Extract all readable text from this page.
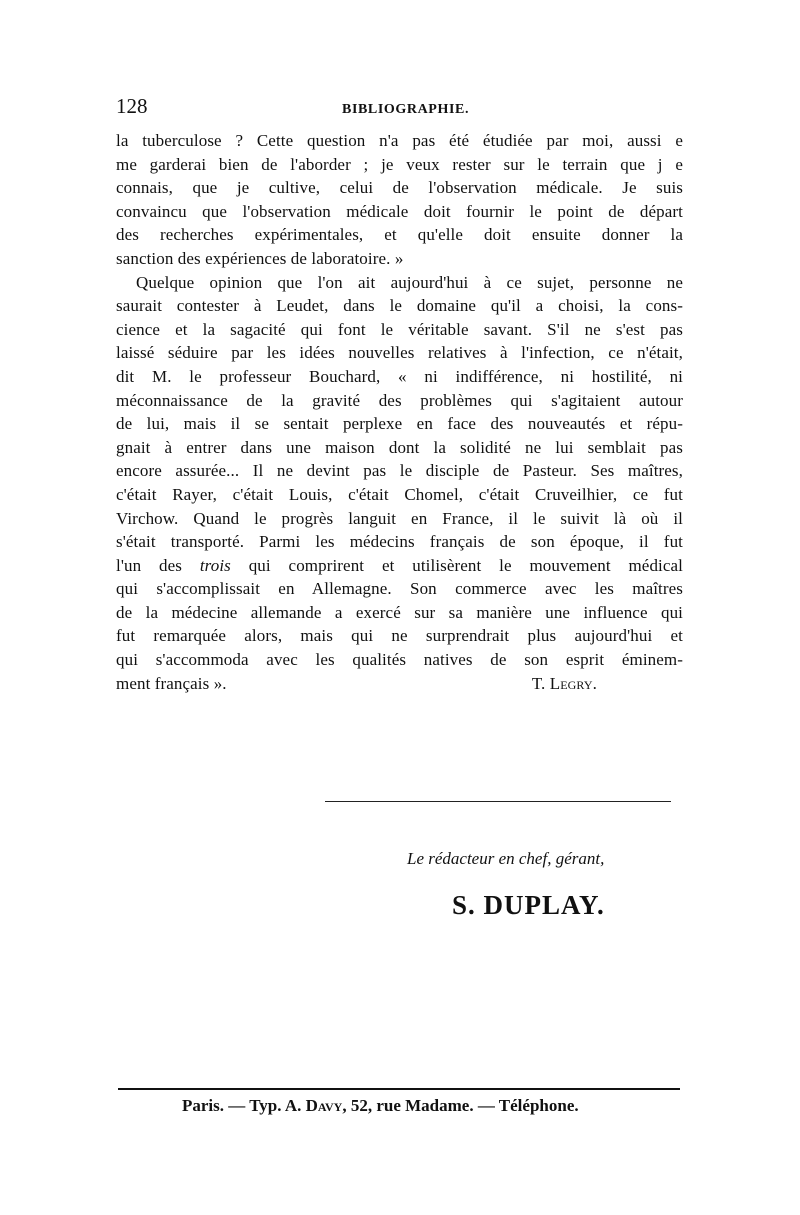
128	BIBLIOGRAPHIE.
la tuberculose ? Cette question n'a pas été étudiée par moi, aussi e
me garderai bien de l'aborder ; je veux rester sur le terrain que j e
connais, que je cultive, celui de l'observation médicale. Je suis
convaincu que l'observation médicale doit fournir le point de départ
des recherches expérimentales, et qu'elle doit ensuite donner la
sanction des expériences de laboratoire. »
Quelque opinion que l'on ait aujourd'hui à ce sujet, personne ne
saurait contester à Leudet, dans le domaine qu'il a choisi, la cons-
cience et la sagacité qui font le véritable savant. S'il ne s'est pas
laissé séduire par les idées nouvelles relatives à l'infection, ce n'était,
dit M. le professeur Bouchard, « ni indifférence, ni hostilité, ni
méconnaissance de la gravité des problèmes qui s'agitaient autour
de lui, mais il se sentait perplexe en face des nouveautés et répu-
gnait à entrer dans une maison dont la solidité ne lui semblait pas
encore assurée... Il ne devint pas le disciple de Pasteur. Ses maîtres,
c'était Rayer, c'était Louis, c'était Chomel, c'était Cruveilhier, ce fut
Virchow. Quand le progrès languit en France, il le suivit là où il
s'était transporté. Parmi les médecins français de son époque, il fut
l'un des trois qui comprirent et utilisèrent le mouvement médical
qui s'accomplissait en Allemagne. Son commerce avec les maîtres
de la médecine allemande a exercé sur sa manière une influence qui
fut remarquée alors, mais qui ne surprendrait plus aujourd'hui et
qui s'accommoda avec les qualités natives de son esprit éminem-
ment français ».	T. Legry.
Le rédacteur en chef, gérant,
S. DUPLAY.
Paris. — Typ. A. Davy, 52, rue Madame. — Téléphone.
